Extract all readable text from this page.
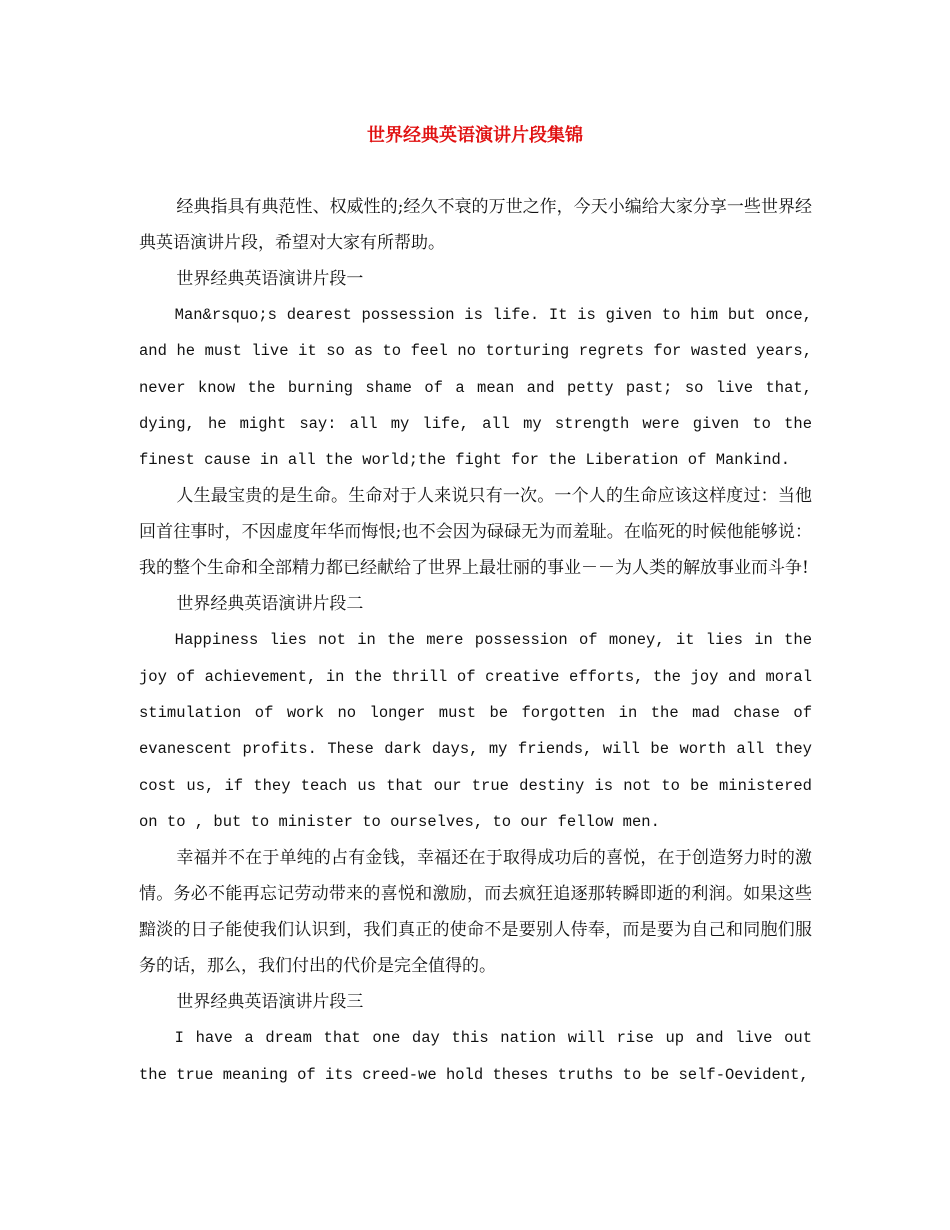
世界经典英语演讲片段集锦

经典指具有典范性、权威性的;经久不衰的万世之作，今天小编给大家分享一些世界经典英语演讲片段，希望对大家有所帮助。

世界经典英语演讲片段一

Man&rsquo;s dearest possession is life. It is given to him but once, and he must live it so as to feel no torturing regrets for wasted years, never know the burning shame of a mean and petty past; so live that, dying, he might say: all my life, all my strength were given to the finest cause in all the world;the fight for the Liberation of Mankind.

人生最宝贵的是生命。生命对于人来说只有一次。一个人的生命应该这样度过：当他回首往事时，不因虚度年华而悔恨;也不会因为碌碌无为而羞耻。在临死的时候他能够说：我的整个生命和全部精力都已经献给了世界上最壮丽的事业－－为人类的解放事业而斗争!

世界经典英语演讲片段二

Happiness lies not in the mere possession of money, it lies in the joy of achievement, in the thrill of creative efforts, the joy and moral stimulation of work no longer must be forgotten in the mad chase of evanescent profits. These dark days, my friends, will be worth all they cost us, if they teach us that our true destiny is not to be ministered on to , but to minister to ourselves, to our fellow men.

幸福并不在于单纯的占有金钱，幸福还在于取得成功后的喜悦，在于创造努力时的激情。务必不能再忘记劳动带来的喜悦和激励，而去疯狂追逐那转瞬即逝的利润。如果这些黯淡的日子能使我们认识到，我们真正的使命不是要别人侍奉，而是要为自己和同胞们服务的话，那么，我们付出的代价是完全值得的。

世界经典英语演讲片段三

I have a dream that one day this nation will rise up and live out the true meaning of its creed-we hold theses truths to be self-Oevident,
